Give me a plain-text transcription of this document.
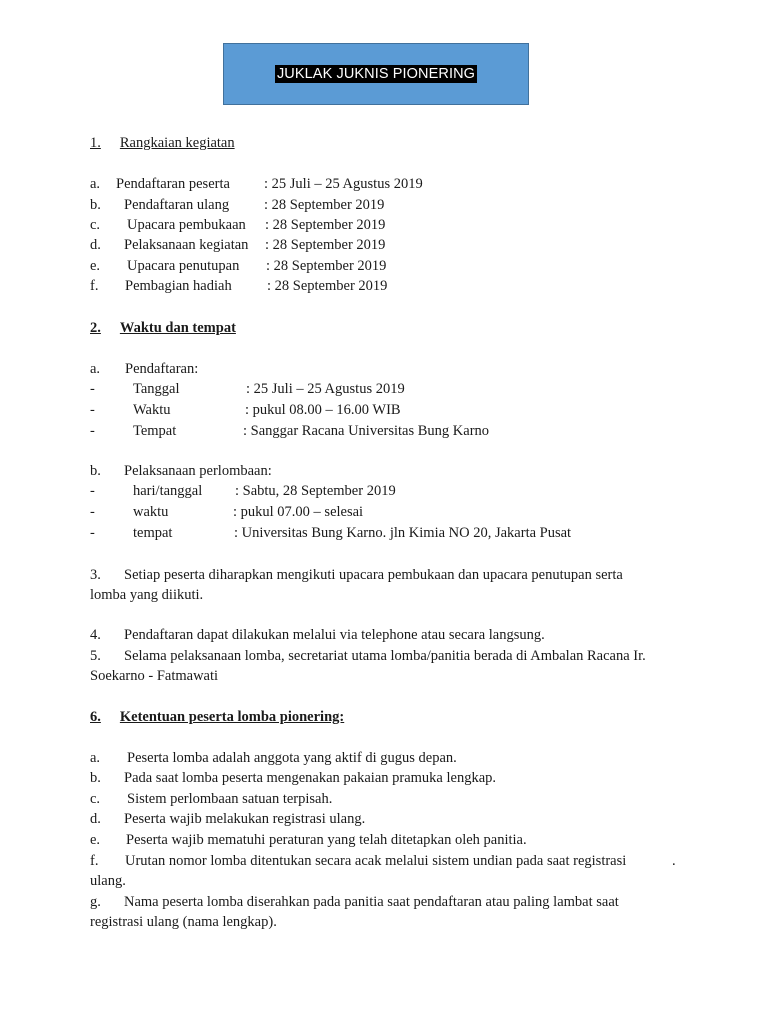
JUKLAK JUKNIS PIONERING
1. Rangkaian kegiatan
a. Pendaftaran peserta : 25 Juli – 25 Agustus 2019
b. Pendaftaran ulang : 28 September 2019
c. Upacara pembukaan : 28 September 2019
d. Pelaksanaan kegiatan : 28 September 2019
e. Upacara penutupan : 28 September 2019
f. Pembagian hadiah : 28 September 2019
2. Waktu dan tempat
a. Pendaftaran:
-	Tanggal	: 25 Juli – 25 Agustus 2019
-	Waktu	: pukul 08.00 – 16.00 WIB
-	Tempat	: Sanggar Racana Universitas Bung Karno
b. Pelaksanaan perlombaan:
-	hari/tanggal : Sabtu, 28 September 2019
-	waktu	: pukul 07.00 – selesai
-	tempat	: Universitas Bung Karno. jln Kimia NO 20, Jakarta Pusat
3. Setiap peserta diharapkan mengikuti upacara pembukaan dan upacara penutupan serta
lomba yang diikuti.
4. Pendaftaran dapat dilakukan melalui via telephone atau secara langsung.
5. Selama pelaksanaan lomba, secretariat utama lomba/panitia berada di Ambalan Racana Ir.
Soekarno - Fatmawati
6. Ketentuan peserta lomba pionering:
a. Peserta lomba adalah anggota yang aktif di gugus depan.
b. Pada saat lomba peserta mengenakan pakaian pramuka lengkap.
c. Sistem perlombaan satuan terpisah.
d. Peserta wajib melakukan registrasi ulang.
e. Peserta wajib mematuhi peraturan yang telah ditetapkan oleh panitia.
f. Urutan nomor lomba ditentukan secara acak melalui sistem undian pada saat registrasi	.
ulang.
g. Nama peserta lomba diserahkan pada panitia saat pendaftaran atau paling lambat saat
registrasi ulang (nama lengkap).
